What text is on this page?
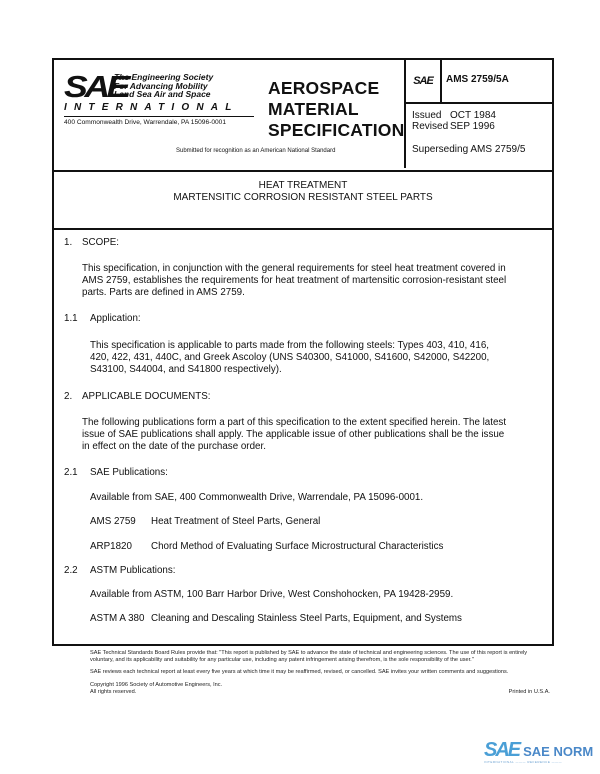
SAE
The Engineering Society
For Advancing Mobility
Land Sea Air and Space
INTERNATIONAL
400 Commonwealth Drive, Warrendale, PA 15096-0001
AEROSPACE
MATERIAL
SPECIFICATION
Submitted for recognition as an American National Standard
SAE AMS 2759/5A
Issued OCT 1984
Revised SEP 1996
Superseding AMS 2759/5
HEAT TREATMENT
MARTENSITIC CORROSION RESISTANT STEEL PARTS
1. SCOPE:
This specification, in conjunction with the general requirements for steel heat treatment covered in
AMS 2759, establishes the requirements for heat treatment of martensitic corrosion-resistant steel
parts. Parts are defined in AMS 2759.
1.1 Application:
This specification is applicable to parts made from the following steels: Types 403, 410, 416,
420, 422, 431, 440C, and Greek Ascoloy (UNS S40300, S41000, S41600, S42000, S42200,
S43100, S44004, and S41800 respectively).
2. APPLICABLE DOCUMENTS:
The following publications form a part of this specification to the extent specified herein. The latest
issue of SAE publications shall apply. The applicable issue of other publications shall be the issue
in effect on the date of the purchase order.
2.1 SAE Publications:
Available from SAE, 400 Commonwealth Drive, Warrendale, PA 15096-0001.
AMS 2759 Heat Treatment of Steel Parts, General
ARP1820 Chord Method of Evaluating Surface Microstructural Characteristics
2.2 ASTM Publications:
Available from ASTM, 100 Barr Harbor Drive, West Conshohocken, PA 19428-2959.
ASTM A 380 Cleaning and Descaling Stainless Steel Parts, Equipment, and Systems

SAE Technical Standards Board Rules provide that: "This report is published by SAE to advance the state of technical and engineering sciences. The use of this report is entirely voluntary, and its applicability and suitability for any particular use, including any patent infringement arising therefrom, is the sole responsibility of the user."

SAE reviews each technical report at least every five years at which time it may be reaffirmed, revised, or cancelled. SAE invites your written comments and suggestions.

Copyright 1996 Society of Automotive Engineers, Inc.
All rights reserved.	Printed in U.S.A.
SAE SAE NORM
INTERNATIONAL ——— REFERENCE ———
